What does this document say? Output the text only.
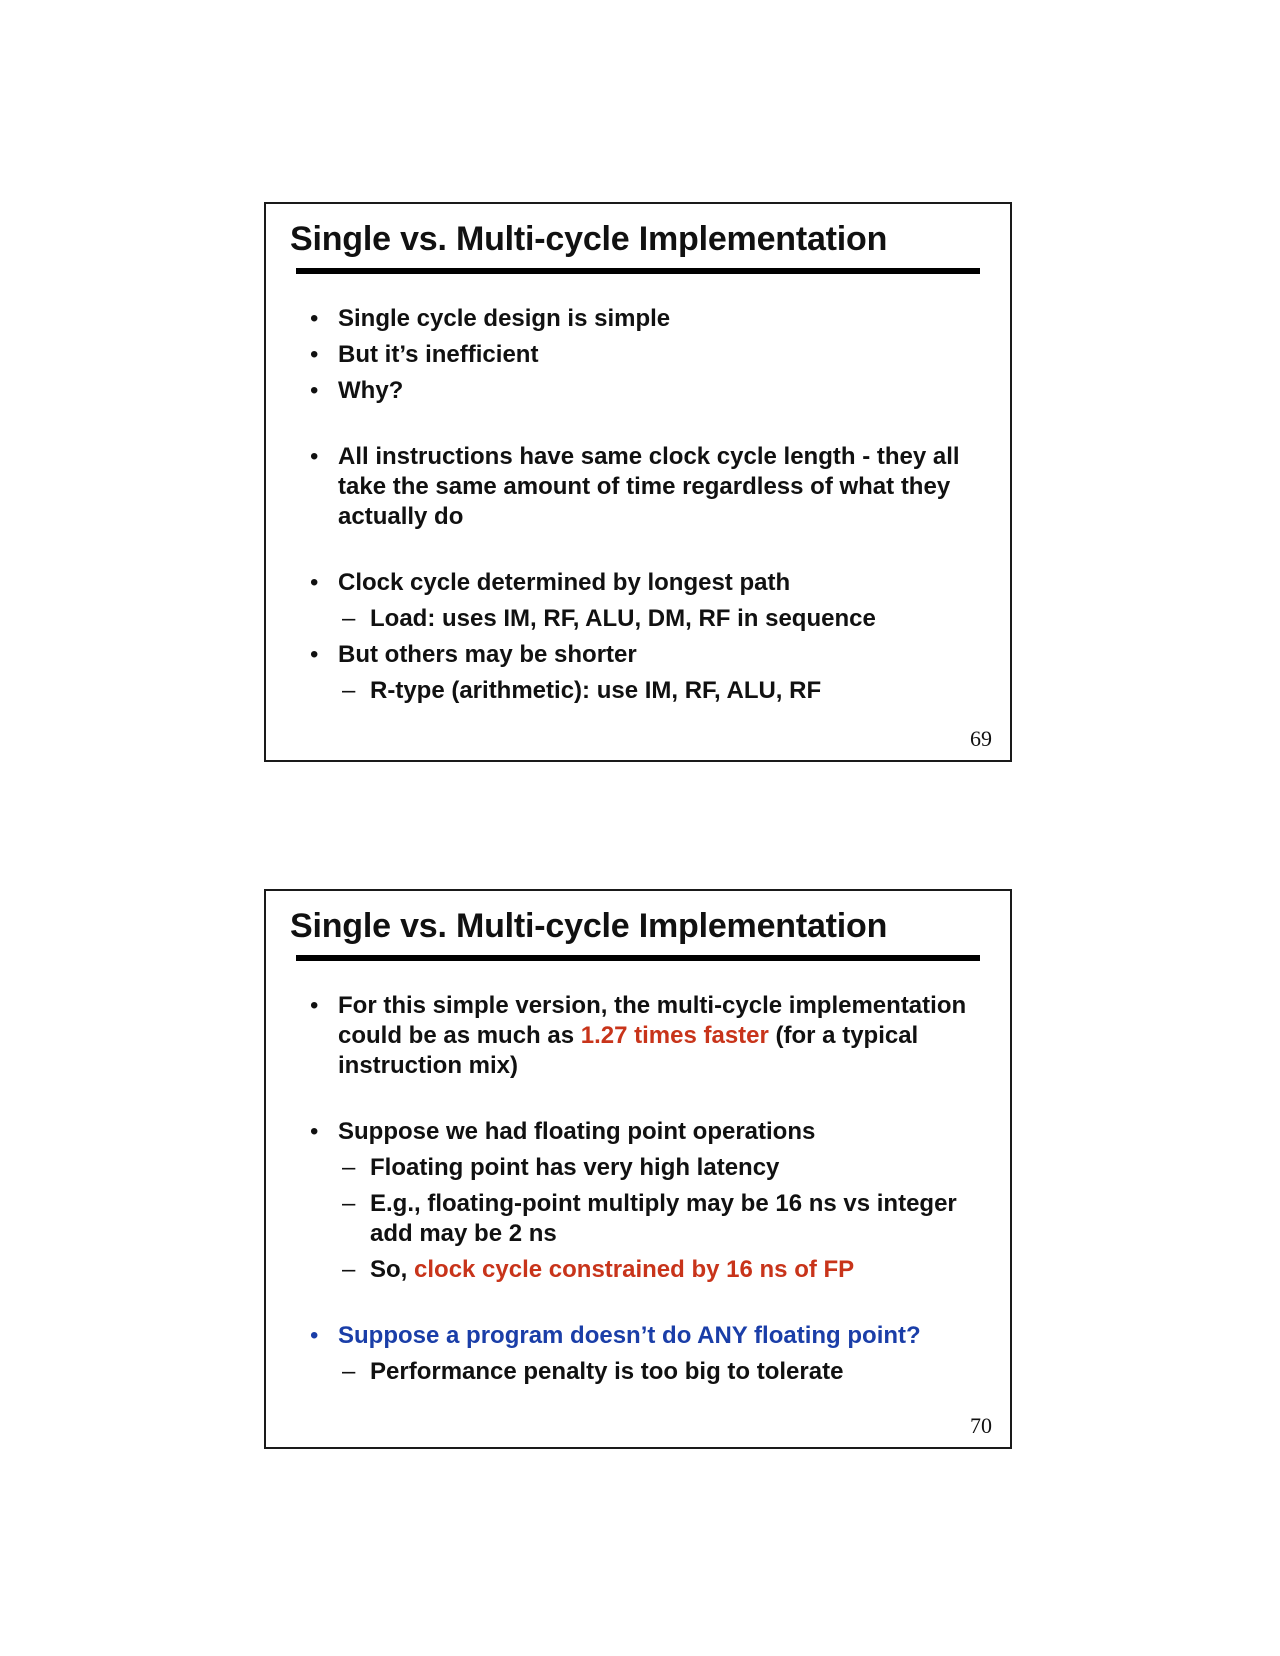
Single vs. Multi-cycle Implementation
• Single cycle design is simple
• But it’s inefficient
• Why?
• All instructions have same clock cycle length - they all take the same amount of time regardless of what they actually do
• Clock cycle determined by longest path
– Load: uses IM, RF, ALU, DM, RF in sequence
• But others may be shorter
– R-type (arithmetic): use IM, RF, ALU, RF
69
Single vs. Multi-cycle Implementation
• For this simple version, the multi-cycle implementation could be as much as 1.27 times faster (for a typical instruction mix)
• Suppose we had floating point operations
– Floating point has very high latency
– E.g., floating-point multiply may be 16 ns vs integer add may be 2 ns
– So, clock cycle constrained by 16 ns of FP
• Suppose a program doesn’t do ANY floating point?
– Performance penalty is too big to tolerate
70
